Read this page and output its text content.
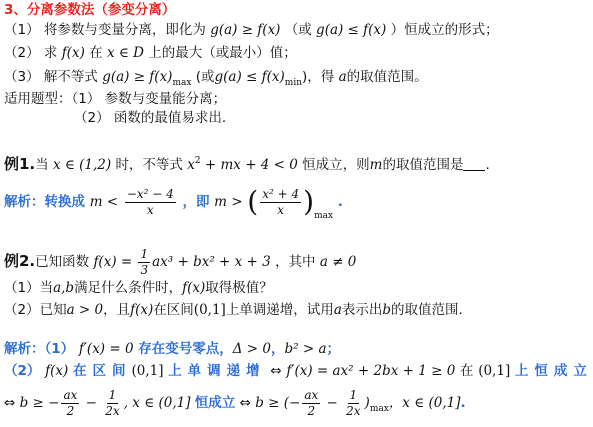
3、分离参数法（参变分离）
（1） 将参数与变量分离，即化为 g(a) ≥ f(x) （或 g(a) ≤ f(x) ）恒成立的形式；
（2） 求 f(x) 在 x ∈ D 上的最大（或最小）值；
（3） 解不等式 $g(a) \ge f(x)_{max}$ (或$g(a) \le f(x)_{min}$)，得 a的取值范围。
适用题型：（1） 参数与变量能分离；
（2） 函数的最值易求出.
例1.当 x ∈ (1,2) 时，不等式 $x^2$ + mx + 4 < 0 恒成立，则m的取值范围是 .
解析：转换成 $m < \frac{\text{−x² − 4}}{x}$ ，即 m > ( $\frac{\text{x² + 4}}{x} )_{max}$ .
例2.已知函数 $f(x) = \frac{1}{3} ax^3 + bx^2 + x + 3$ ，其中 a ≠ 0
（1）当a,b满足什么条件时，f(x)取得极值？
（2）已知a > 0，且f(x)在区间(0,1]上单调递增，试用a表示出b的取值范围.
解析：（1） f′(x) = 0 存在变号零点，Δ > 0，b² > a；
（2） f(x) 在区间(0,1] 上单调递增 ⇔ f′(x) = ax² + 2bx + 1 ≥ 0 在 (0,1] 上恒成立
⇔ b ≥ − $\frac{ax}{2} - \frac{1}{2x}$ , x ∈ (0,1] 恒成立 ⇔ b ≥ (− $\frac{ax}{2} - \frac{1}{2x} )_{max}$，x ∈ (0,1].
